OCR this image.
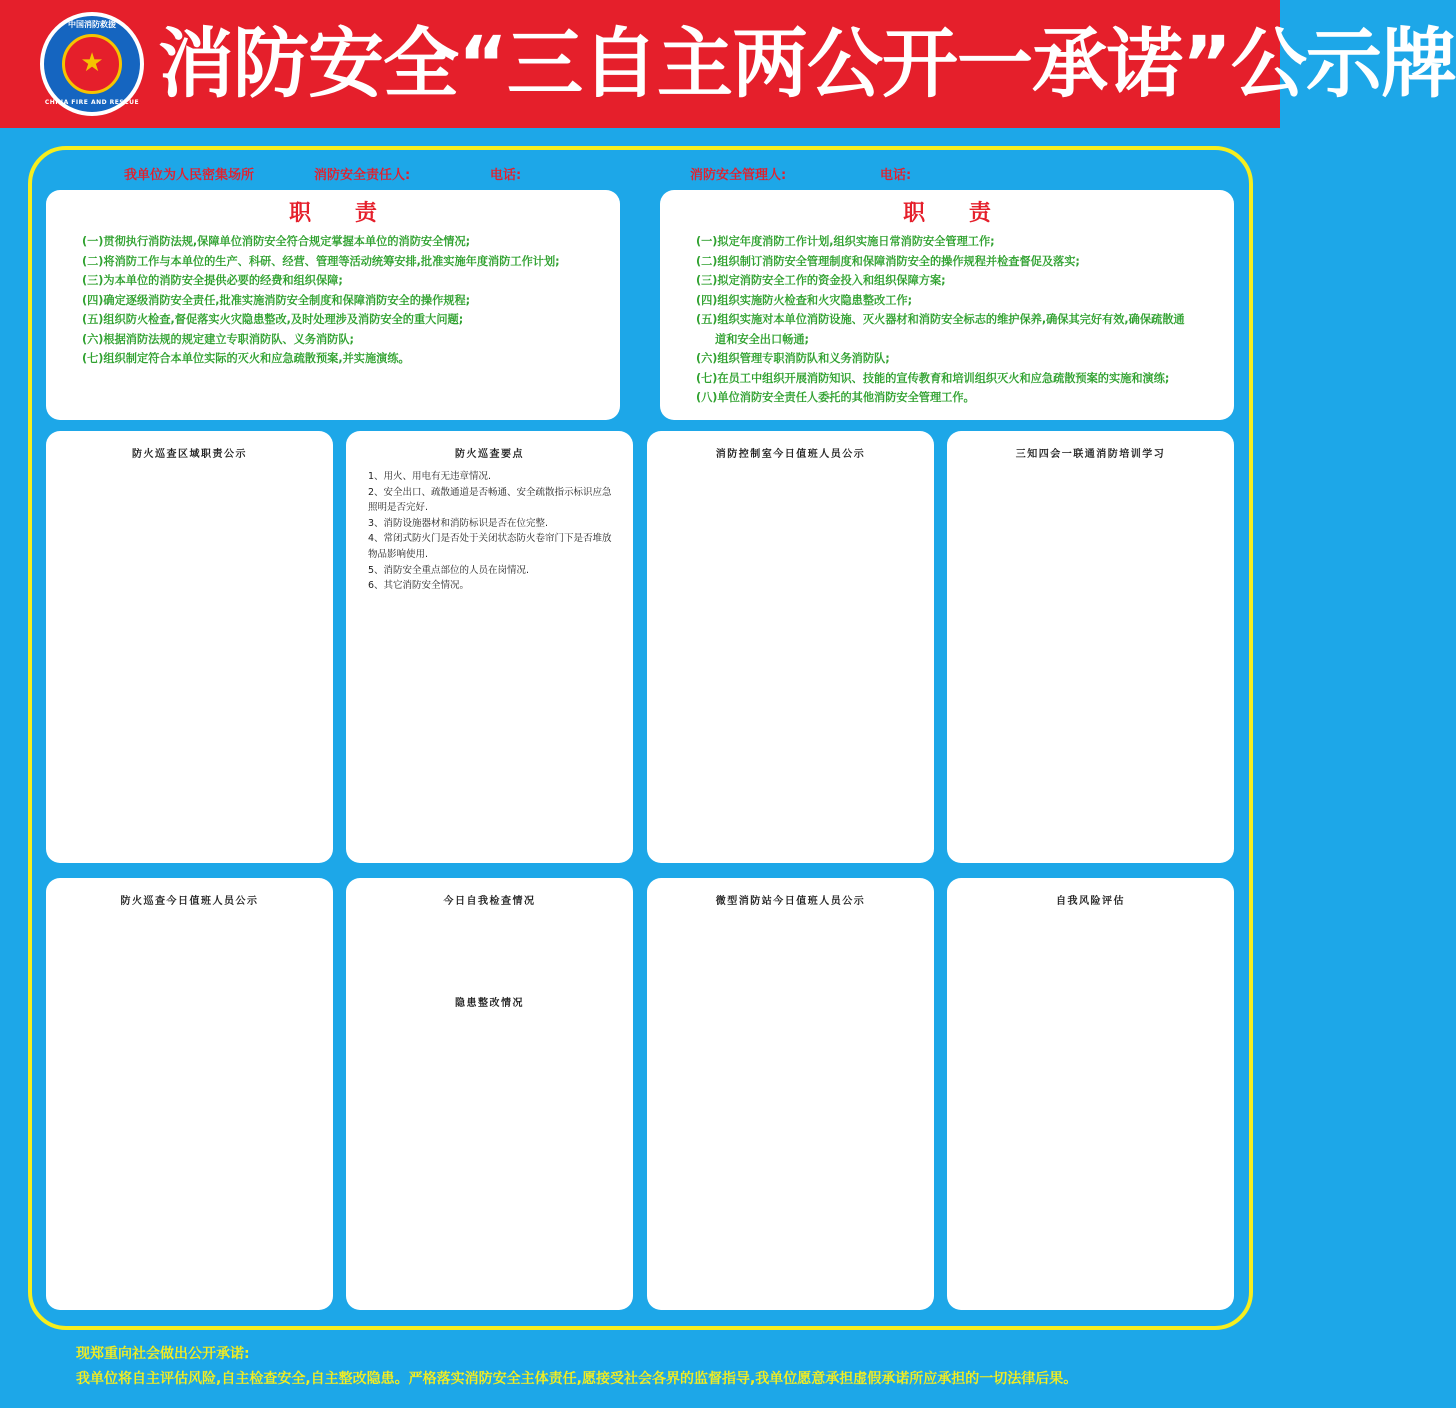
中国消防救援
★
CHINA FIRE AND RESCUE 消防安全“三自主两公开一承诺”公示牌
我单位为人民密集场所	消防安全责任人:	电话:	消防安全管理人:	电话:
职 责
(一)贯彻执行消防法规,保障单位消防安全符合规定掌握本单位的消防安全情况;
(二)将消防工作与本单位的生产、科研、经营、管理等活动统筹安排,批准实施年度消防工作计划;
(三)为本单位的消防安全提供必要的经费和组织保障;
(四)确定逐级消防安全责任,批准实施消防安全制度和保障消防安全的操作规程;
(五)组织防火检查,督促落实火灾隐患整改,及时处理涉及消防安全的重大问题;
(六)根据消防法规的规定建立专职消防队、义务消防队;
(七)组织制定符合本单位实际的灭火和应急疏散预案,并实施演练。
职 责
(一)拟定年度消防工作计划,组织实施日常消防安全管理工作;
(二)组织制订消防安全管理制度和保障消防安全的操作规程并检查督促及落实;
(三)拟定消防安全工作的资金投入和组织保障方案;
(四)组织实施防火检查和火灾隐患整改工作;
(五)组织实施对本单位消防设施、灭火器材和消防安全标志的维护保养,确保其完好有效,确保疏散通
道和安全出口畅通;
(六)组织管理专职消防队和义务消防队;
(七)在员工中组织开展消防知识、技能的宣传教育和培训组织灭火和应急疏散预案的实施和演练;
(八)单位消防安全责任人委托的其他消防安全管理工作。
防火巡查区域职责公示	防火巡查要点
1、用火、用电有无违章情况.
2、安全出口、疏散通道是否畅通、安全疏散指示标识应急照明是否完好.
3、消防设施器材和消防标识是否在位完整.
4、常闭式防火门是否处于关闭状态防火卷帘门下是否堆放物品影响使用.
5、消防安全重点部位的人员在岗情况.
6、其它消防安全情况。
消防控制室今日值班人员公示	三知四会一联通消防培训学习
防火巡查今日值班人员公示	今日自我检查情况
隐患整改情况
微型消防站今日值班人员公示	自我风险评估
现郑重向社会做出公开承诺:
我单位将自主评估风险,自主检查安全,自主整改隐患。严格落实消防安全主体责任,愿接受社会各界的监督指导,我单位愿意承担虚假承诺所应承担的一切法律后果。
